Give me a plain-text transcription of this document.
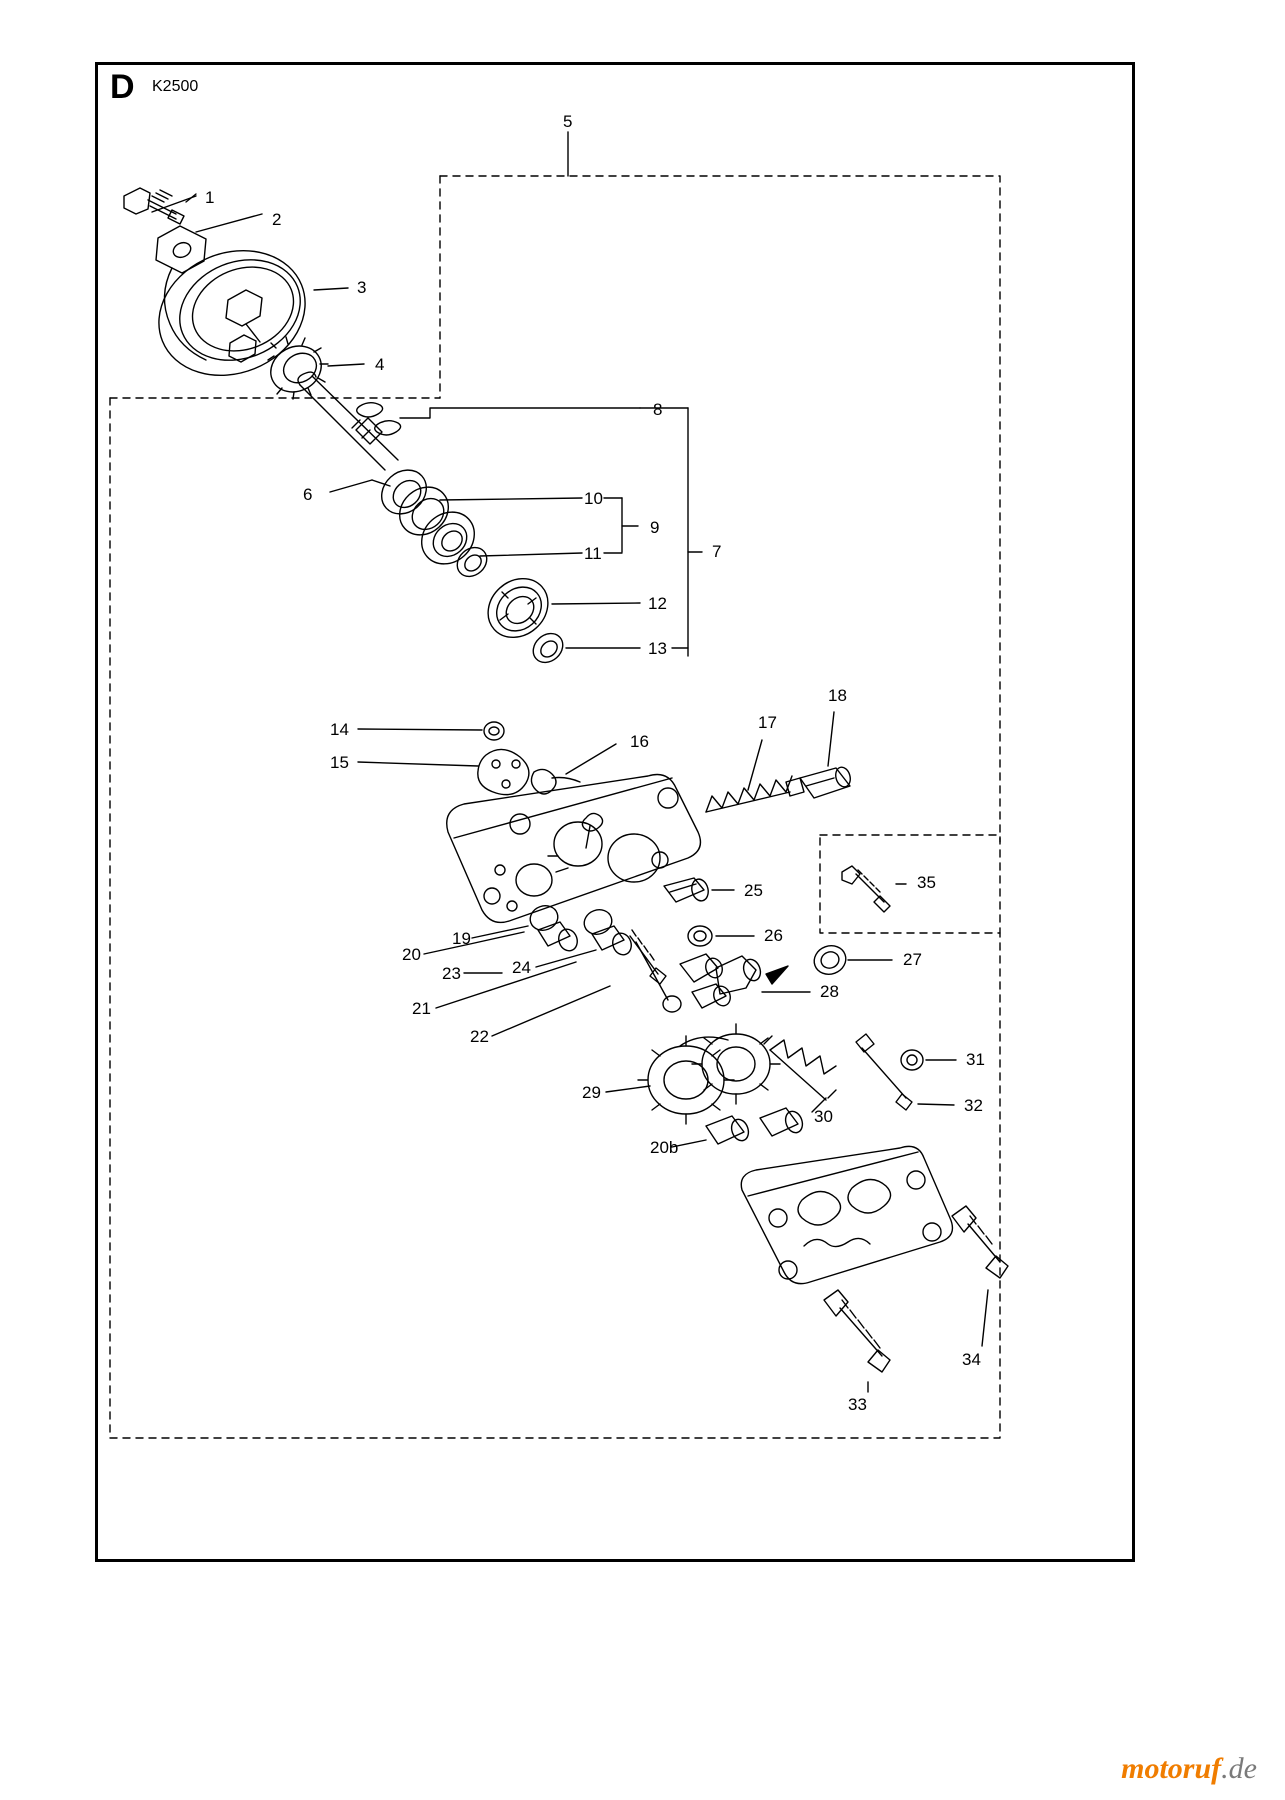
D K2500
1
2
3
4
5
6
7
8
9
10
11
12
13
14
15
16
17
18
19
20
21
22
23	24
25
26
27
28
29
30
31
32
33
34
35
20b
motoruf.de
